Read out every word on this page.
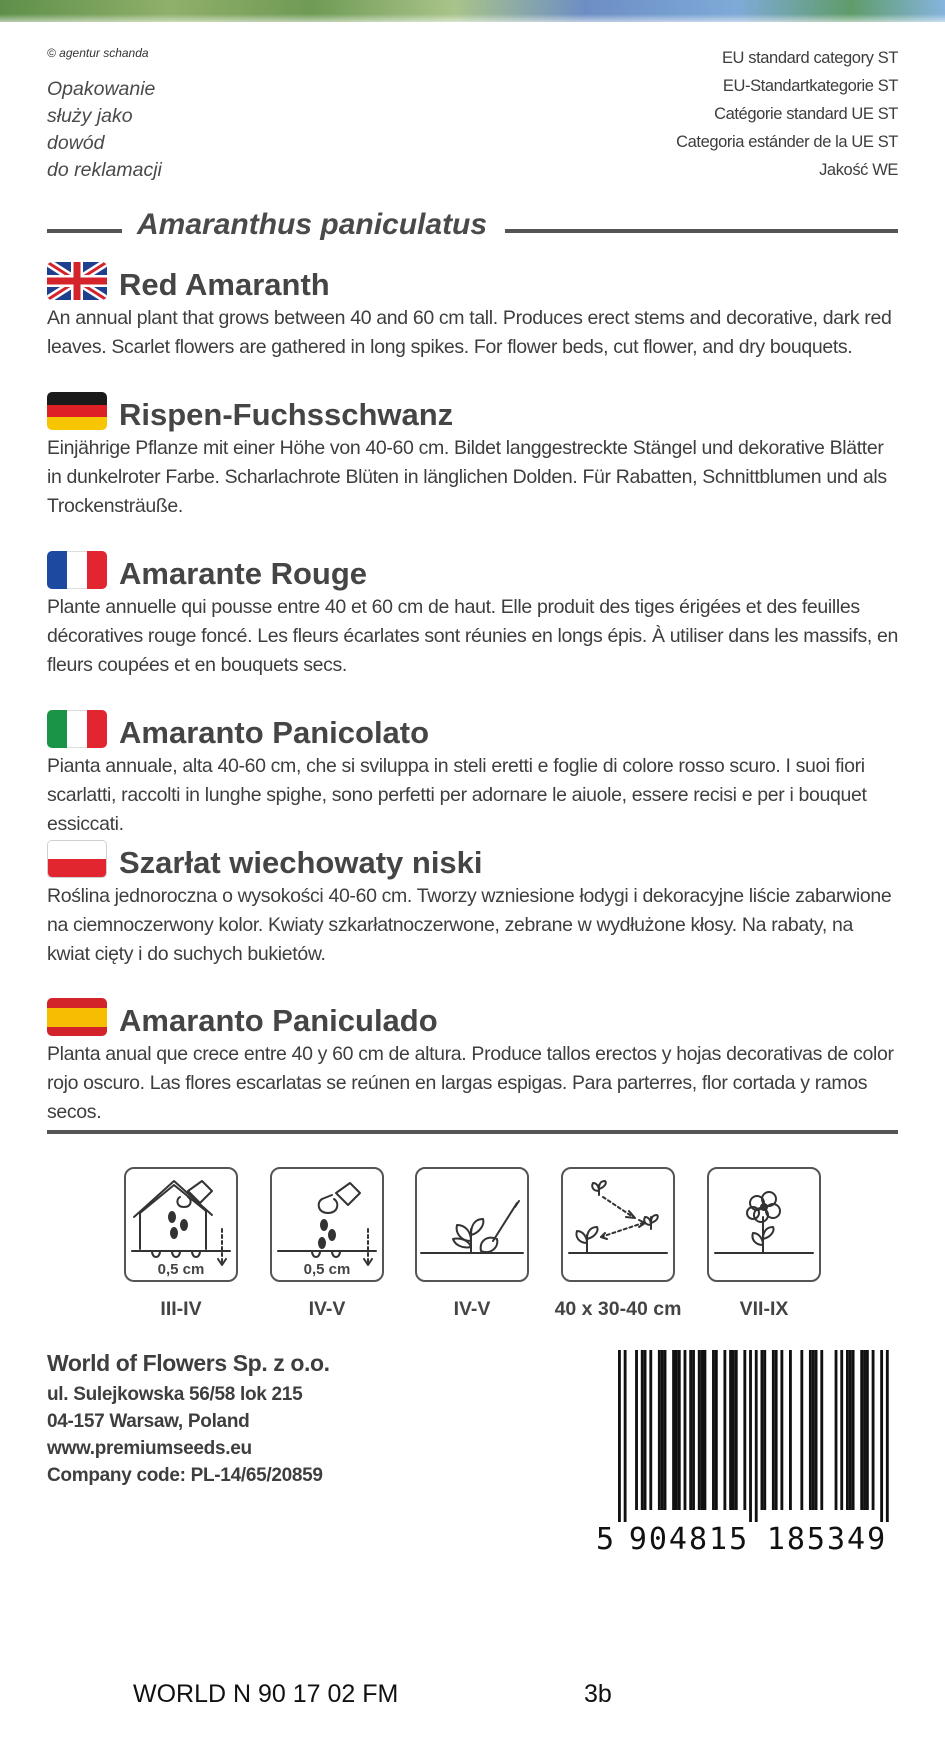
© agentur schanda
Opakowanie
służy jako
dowód
do reklamacji
EU standard category ST
EU-Standartkategorie ST
Catégorie standard UE ST
Categoria estánder de la UE ST
Jakość WE
Amaranthus paniculatus
Red Amaranth
An annual plant that grows between 40 and 60 cm tall. Produces erect stems and decorative, dark red leaves. Scarlet flowers are gathered in long spikes. For flower beds, cut flower, and dry bouquets.
Rispen-Fuchsschwanz
Einjährige Pflanze mit einer Höhe von 40-60 cm. Bildet langgestreckte Stängel und dekorative Blätter in dunkelroter Farbe. Scharlachrote Blüten in länglichen Dolden. Für Rabatten, Schnittblumen und als Trockensträuße.
Amarante Rouge
Plante annuelle qui pousse entre 40 et 60 cm de haut. Elle produit des tiges érigées et des feuilles décoratives rouge foncé. Les fleurs écarlates sont réunies en longs épis. À utiliser dans les massifs, en fleurs coupées et en bouquets secs.
Amaranto Panicolato
Pianta annuale, alta 40-60 cm, che si sviluppa in steli eretti e foglie di colore rosso scuro. I suoi fiori scarlatti, raccolti in lunghe spighe, sono perfetti per adornare le aiuole, essere recisi e per i bouquet essiccati.
Szarłat wiechowaty niski
Roślina jednoroczna o wysokości 40-60 cm. Tworzy wzniesione łodygi i dekoracyjne liście zabarwione na ciemnoczerwony kolor. Kwiaty szkarłatnoczerwone, zebrane w wydłużone kłosy. Na rabaty, na kwiat cięty i do suchych bukietów.
Amaranto Paniculado
Planta anual que crece entre 40 y 60 cm de altura. Produce tallos erectos y hojas decorativas de color rojo oscuro. Las flores escarlatas se reúnen en largas espigas. Para parterres, flor cortada y ramos secos.
0,5 cm
III-IV
0,5 cm
IV-V	IV-V	40 x 30-40 cm	VII-IX
World of Flowers Sp. z o.o.
ul. Sulejkowska 56/58 lok 215
04-157 Warsaw, Poland
www.premiumseeds.eu
Company code: PL-14/65/20859
5 904815 185349
WORLD N 90 17 02 FM	3b
